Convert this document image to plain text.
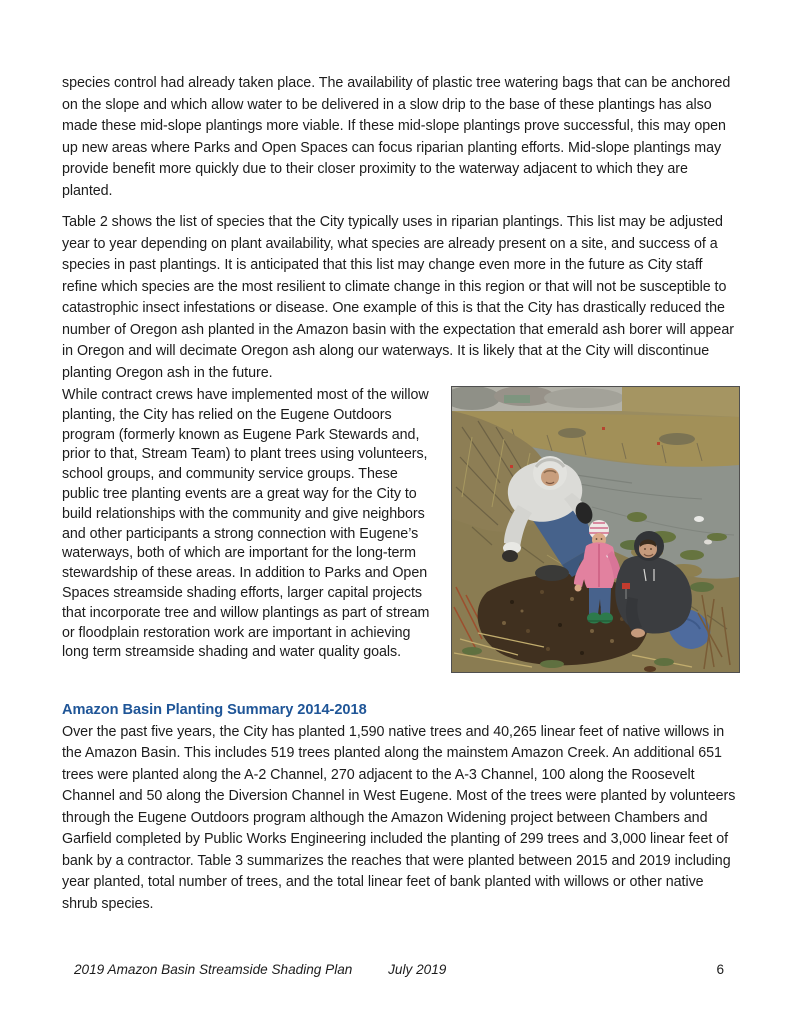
species control had already taken place. The availability of plastic tree watering bags that can be anchored on the slope and which allow water to be delivered in a slow drip to the base of these plantings has also made these mid-slope plantings more viable. If these mid-slope plantings prove successful, this may open up new areas where Parks and Open Spaces can focus riparian planting efforts. Mid-slope plantings may provide benefit more quickly due to their closer proximity to the waterway adjacent to which they are planted.

Table 2 shows the list of species that the City typically uses in riparian plantings. This list may be adjusted year to year depending on plant availability, what species are already present on a site, and success of a species in past plantings. It is anticipated that this list may change even more in the future as City staff refine which species are the most resilient to climate change in this region or that will not be susceptible to catastrophic insect infestations or disease. One example of this is that the City has drastically reduced the number of Oregon ash planted in the Amazon basin with the expectation that emerald ash borer will appear in Oregon and will decimate Oregon ash along our waterways. It is likely that at the City will discontinue planting Oregon ash in the future.

While contract crews have implemented most of the willow planting, the City has relied on the Eugene Outdoors program (formerly known as Eugene Park Stewards and, prior to that, Stream Team) to plant trees using volunteers, school groups, and community service groups. These public tree planting events are a great way for the City to build relationships with the community and give neighbors and other participants a strong connection with Eugene’s waterways, both of which are important for the long-term stewardship of these areas. In addition to Parks and Open Spaces streamside shading efforts, larger capital projects that incorporate tree and willow plantings as part of stream or floodplain restoration work are important in achieving long term streamside shading and water quality goals.

Amazon Basin Planting Summary 2014-2018

Over the past five years, the City has planted 1,590 native trees and 40,265 linear feet of native willows in the Amazon Basin. This includes 519 trees planted along the mainstem Amazon Creek. An additional 651 trees were planted along the A-2 Channel, 270 adjacent to the A-3 Channel, 100 along the Roosevelt Channel and 50 along the Diversion Channel in West Eugene. Most of the trees were planted by volunteers through the Eugene Outdoors program although the Amazon Widening project between Chambers and Garfield completed by Public Works Engineering included the planting of 299 trees and 3,000 linear feet of bank by a contractor. Table 3 summarizes the reaches that were planted between 2015 and 2019 including year planted, total number of trees, and the total linear feet of bank planted with willows or other native shrub species.

2019 Amazon Basin Streamside Shading Plan	July 2019	6
